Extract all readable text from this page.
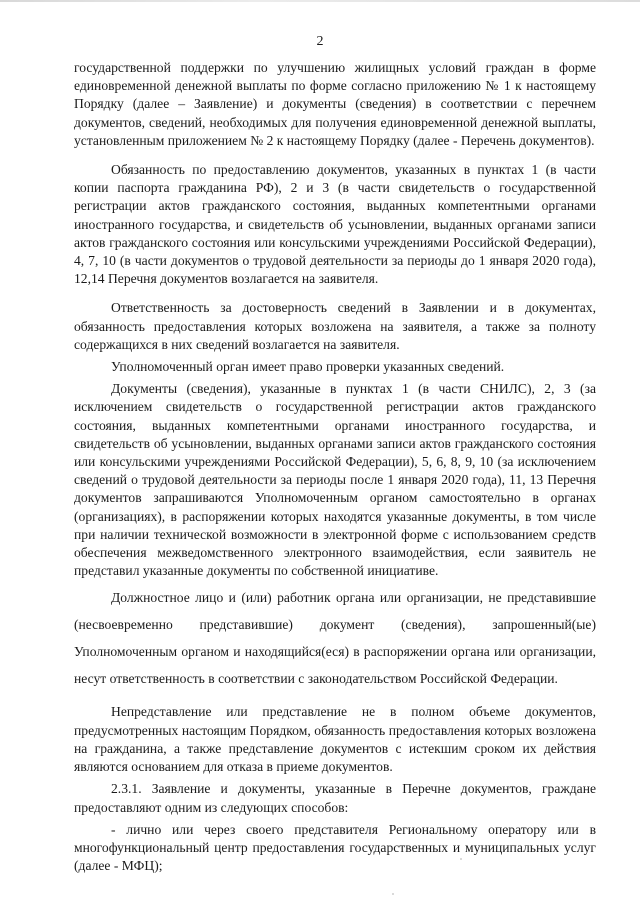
2

государственной поддержки по улучшению жилищных условий граждан в форме единовременной денежной выплаты по форме согласно приложению № 1 к настоящему Порядку (далее – Заявление) и документы (сведения) в соответствии с перечнем документов, сведений, необходимых для получения единовременной денежной выплаты, установленным приложением № 2 к настоящему Порядку (далее - Перечень документов).

Обязанность по предоставлению документов, указанных в пунктах 1 (в части копии паспорта гражданина РФ), 2 и 3 (в части свидетельств о государственной регистрации актов гражданского состояния, выданных компетентными органами иностранного государства, и свидетельств об усыновлении, выданных органами записи актов гражданского состояния или консульскими учреждениями Российской Федерации), 4, 7, 10 (в части документов о трудовой деятельности за периоды до 1 января 2020 года), 12,14 Перечня документов возлагается на заявителя.

Ответственность за достоверность сведений в Заявлении и в документах, обязанность предоставления которых возложена на заявителя, а также за полноту содержащихся в них сведений возлагается на заявителя.

Уполномоченный орган имеет право проверки указанных сведений.

Документы (сведения), указанные в пунктах 1 (в части СНИЛС), 2, 3 (за исключением свидетельств о государственной регистрации актов гражданского состояния, выданных компетентными органами иностранного государства, и свидетельств об усыновлении, выданных органами записи актов гражданского состояния или консульскими учреждениями Российской Федерации), 5, 6, 8, 9, 10 (за исключением сведений о трудовой деятельности за периоды после 1 января 2020 года), 11, 13 Перечня документов запрашиваются Уполномоченным органом самостоятельно в органах (организациях), в распоряжении которых находятся указанные документы, в том числе при наличии технической возможности в электронной форме с использованием средств обеспечения межведомственного электронного взаимодействия, если заявитель не представил указанные документы по собственной инициативе.

Должностное лицо и (или) работник органа или организации, не представившие (несвоевременно представившие) документ (сведения), запрошенный(ые) Уполномоченным органом и находящийся(еся) в распоряжении органа или организации, несут ответственность в соответствии с законодательством Российской Федерации.

Непредставление или представление не в полном объеме документов, предусмотренных настоящим Порядком, обязанность предоставления которых возложена на гражданина, а также представление документов с истекшим сроком их действия являются основанием для отказа в приеме документов.

2.3.1. Заявление и документы, указанные в Перечне документов, граждане предоставляют одним из следующих способов:

- лично или через своего представителя Региональному оператору или в многофункциональный центр предоставления государственных и муниципальных услуг (далее - МФЦ);
